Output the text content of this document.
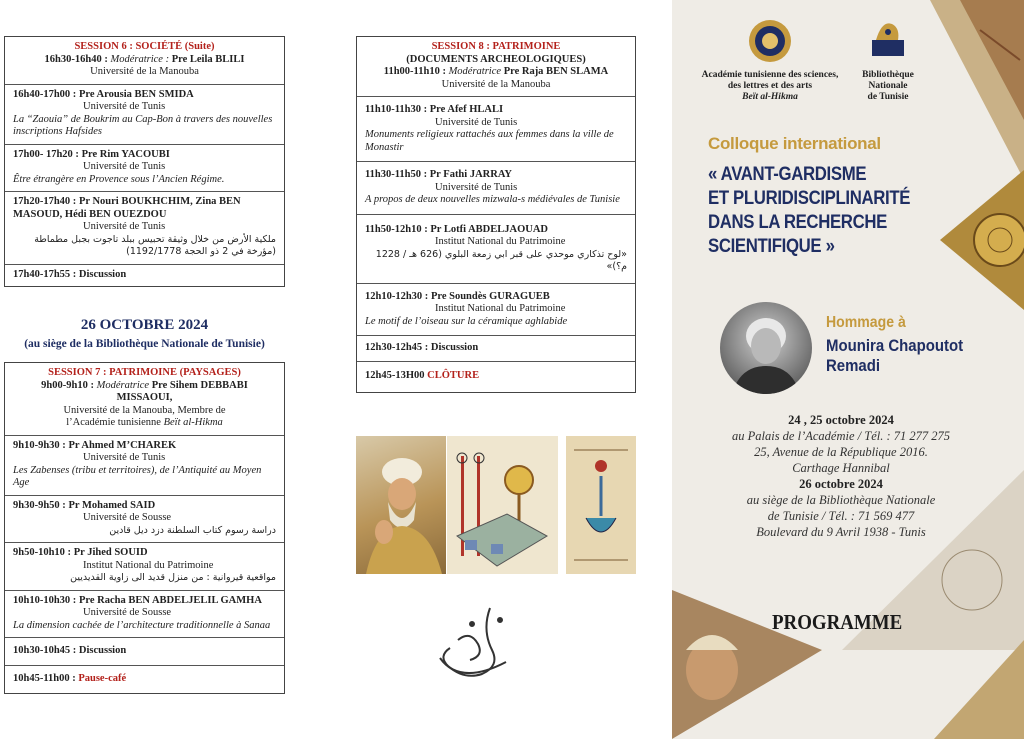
SESSION 6 : SOCIÉTÉ (Suite)
16h30-16h40 : Modératrice : Pre Leila BLILI
Université de la Manouba
16h40-17h00 : Pre Arousia BEN SMIDA
Université de Tunis
La “Zaouia” de Boukrim au Cap-Bon à travers des nouvelles inscriptions Hafsides
17h00- 17h20 : Pre Rim YACOUBI
Université de Tunis
Être étrangère en Provence sous l’Ancien Régime.
17h20-17h40 : Pr Nouri BOUKHCHIM, Zina BEN MASOUD, Hédi BEN OUEZDOU
Université de Tunis
ملكية الأرض من خلال وثيقة تحبيس ببلد تاجوت بجبل مطماطة (مؤرخة في 2 ذو الحجة 1192/1778)
17h40-17h55 : Discussion
26 OCTOBRE 2024
(au siège de la Bibliothèque Nationale de Tunisie)
SESSION 7 : PATRIMOINE (PAYSAGES)
9h00-9h10 : Modératrice Pre Sihem DEBBABI MISSAOUI,
Université de la Manouba, Membre de
l’Académie tunisienne Beït al-Hikma
9h10-9h30 : Pr Ahmed M’CHAREK
Université de Tunis
Les Zabenses (tribu et territoires), de l’Antiquité au Moyen Age
9h30-9h50 : Pr Mohamed SAID
Université de Sousse
دراسة رسوم كتاب السلطنة دزد ديل قادين
9h50-10h10 : Pr Jihed SOUID
Institut National du Patrimoine
مواقعية قيروانية : من منزل قديد الى زاوية القديديين
10h10-10h30 : Pre Racha BEN ABDELJELIL GAMHA
Université de Sousse
La dimension cachée de l’architecture traditionnelle à Sanaa
10h30-10h45 : Discussion
10h45-11h00 : Pause-café
SESSION 8 : PATRIMOINE
(DOCUMENTS ARCHEOLOGIQUES)
11h00-11h10 : Modératrice Pre Raja BEN SLAMA
Université de la Manouba
11h10-11h30 : Pre Afef HLALI
Université de Tunis
Monuments religieux rattachés aux femmes dans la ville de Monastir
11h30-11h50 : Pr Fathi JARRAY
Université de Tunis
A propos de deux nouvelles mizwala-s médiévales de Tunisie
11h50-12h10 : Pr Lotfi ABDELJAOUAD
Institut National du Patrimoine
«لوح تذكاري موحدي على قبر ابي زمعة البلوي (626 هـ / 1228 م؟)»
12h10-12h30 : Pre Soundès GURAGUEB
Institut National du Patrimoine
Le motif de l’oiseau sur la céramique aghlabide
12h30-12h45 : Discussion
12h45-13H00 CLÔTURE
Académie tunisienne des sciences,
des lettres et des arts
Beït al-Hikma
Bibliothèque
Nationale
de Tunisie
Colloque international
« AVANT-GARDISME
ET PLURIDISCIPLINARITÉ
DANS LA RECHERCHE
SCIENTIFIQUE »
Hommage à
Mounira Chapoutot
Remadi
24 , 25 octobre 2024
au Palais de l’Académie / Tél. : 71 277 275
25, Avenue de la République 2016.
Carthage Hannibal
26 octobre 2024
au siège de la Bibliothèque Nationale
de Tunisie / Tél. : 71 569 477
Boulevard du 9 Avril 1938 - Tunis
PROGRAMME
